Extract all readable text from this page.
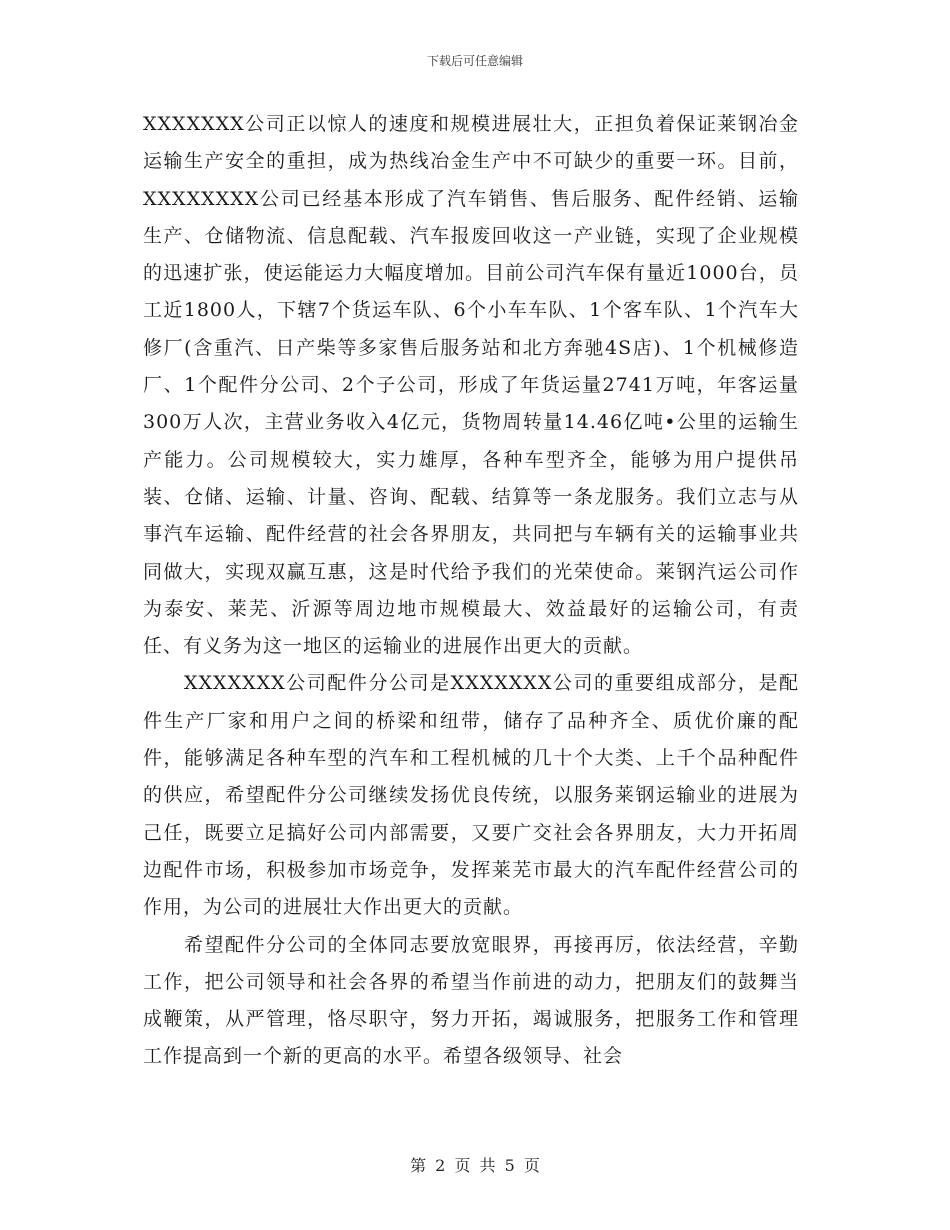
下载后可任意编辑

XXXXXXX公司正以惊人的速度和规模进展壮大，正担负着保证莱钢冶金运输生产安全的重担，成为热线冶金生产中不可缺少的重要一环。目前，XXXXXXXX公司已经基本形成了汽车销售、售后服务、配件经销、运输生产、仓储物流、信息配载、汽车报废回收这一产业链，实现了企业规模的迅速扩张，使运能运力大幅度增加。目前公司汽车保有量近1000台，员工近1800人，下辖7个货运车队、6个小车车队、1个客车队、1个汽车大修厂(含重汽、日产柴等多家售后服务站和北方奔驰4S店)、1个机械修造厂、1个配件分公司、2个子公司，形成了年货运量2741万吨，年客运量300万人次，主营业务收入4亿元，货物周转量14.46亿吨•公里的运输生产能力。公司规模较大，实力雄厚，各种车型齐全，能够为用户提供吊装、仓储、运输、计量、咨询、配载、结算等一条龙服务。我们立志与从事汽车运输、配件经营的社会各界朋友，共同把与车辆有关的运输事业共同做大，实现双赢互惠，这是时代给予我们的光荣使命。莱钢汽运公司作为泰安、莱芜、沂源等周边地市规模最大、效益最好的运输公司，有责任、有义务为这一地区的运输业的进展作出更大的贡献。

XXXXXXX公司配件分公司是XXXXXXX公司的重要组成部分，是配件生产厂家和用户之间的桥梁和纽带，储存了品种齐全、质优价廉的配件，能够满足各种车型的汽车和工程机械的几十个大类、上千个品种配件的供应，希望配件分公司继续发扬优良传统，以服务莱钢运输业的进展为己任，既要立足搞好公司内部需要，又要广交社会各界朋友，大力开拓周边配件市场，积极参加市场竞争，发挥莱芜市最大的汽车配件经营公司的作用，为公司的进展壮大作出更大的贡献。

希望配件分公司的全体同志要放宽眼界，再接再厉，依法经营，辛勤工作，把公司领导和社会各界的希望当作前进的动力，把朋友们的鼓舞当成鞭策，从严管理，恪尽职守，努力开拓，竭诚服务，把服务工作和管理工作提高到一个新的更高的水平。希望各级领导、社会

第 2 页 共 5 页
